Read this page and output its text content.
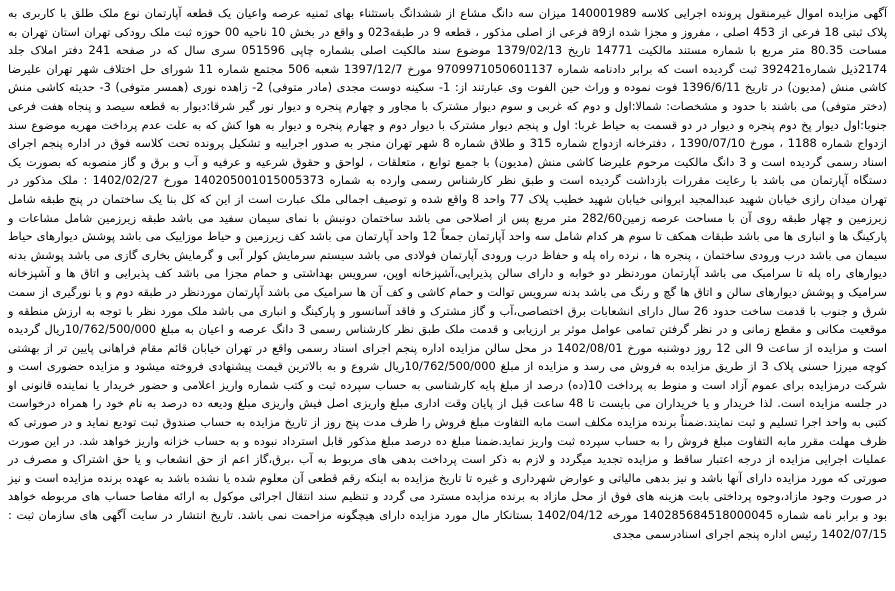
آگهی مزایده اموال غیرمنقول پرونده اجرایی کلاسه 140001989 میزان سه دانگ مشاع از ششدانگ باستثناء بهای ثمنیه عرصه واعیان یک قطعه آپارتمان نوع ملک طلق با کاربری به پلاک ثبتی 18 فرعی از 453 اصلی ، مفروز و مجزا شده ازa9 فرعی از اصلی مذکور ، قطعه 9 در طبقه023 و واقع در بخش 10 ناحیه 00 حوزه ثبت ملک رودکی تهران استان تهران به مساحت 80.35 متر مربع با شماره مستند مالکیت 14771 تاریخ 1379/02/13 موضوع سند مالکیت اصلی بشماره چاپی 051596 سری سال که در صفحه 241 دفتر املاک جلد 2174ذیل شماره392421 ثبت گردیده است که برابر دادنامه شماره 9709971050601137 مورخ 1397/12/7 شعبه 506 مجتمع شماره 11 شورای حل اختلاف شهر تهران علیرضا کاشی منش (مدیون) در تاریخ 1396/6/11 فوت نموده و وراث حین الفوت وی عبارتند از: 1- سکینه دوست مجدی (مادر متوفی) 2- زاهده نوری (همسر متوفی) 3- حدیثه کاشی منش (دختر متوفی) می باشند با حدود و مشخصات: شمالا:اول و دوم که غربی و سوم دیوار مشترک با مجاور و چهارم پنجره و دیوار نور گیر شرقا:دیوار به قطعه سیصد و پنجاه هفت فرعی جنوبا:اول دیوار پخ دوم پنجره و دیوار در دو قسمت به حیاط غربا: اول و پنجم دیوار مشترک با دیوار دوم و چهارم پنجره و دیوار به هوا کش که به علت عدم پرداخت مهریه موضوع سند ازدواج شماره 1188 ، مورخ 1390/07/10 ، دفترخانه ازدواج شماره 315 و طلاق شماره 8 شهر تهران منجر به صدور اجراییه و تشکیل پرونده تحت کلاسه فوق در اداره پنجم اجرای اسناد رسمی گردیده است و 3 دانگ مالکیت مرحوم علیرضا کاشی منش (مدیون) با جمیع توابع ، متعلقات ، لواحق و حقوق شرعیه و عرفیه و آب و برق و گاز منصوبه که بصورت یک دستگاه آپارتمان می باشد با رعایت مقررات بازداشت گردیده است و طبق نظر کارشناس رسمی وارده به شماره 140205001015005373 مورخ 1402/02/27 : ملک مذکور در تهران میدان رازی خیابان شهید عبدالمجید ابروانی خیابان شهید خطیب پلاک 77 واحد 8 واقع شده و توصیف اجمالی ملک عبارت است از این که کل بنا یک ساختمان در پنج طبقه شامل زیرزمین و چهار طبقه روی آن با مساحت عرصه زمین282/60 متر مربع پس از اصلاحی می باشد ساختمان دونبش با نمای سیمان سفید می باشد طبقه زیرزمین شامل مشاعات و پارکینگ ها و انباری ها می باشد طبقات همکف تا سوم هر کدام شامل سه واحد آپارتمان جمعاً 12 واحد آپارتمان می باشد کف زیرزمین و حیاط موزاییک می باشد پوشش دیوارهای حیاط سیمان می باشد درب ورودی ساختمان ، پنجره ها ، نرده راه پله و حفاظ درب ورودی آپارتمان فولادی می باشد سیستم سرمایش کولر آبی و گرمایش بخاری گازی می باشد پوشش بدنه دیوارهای راه پله تا سرامیک می باشد آپارتمان موردنظر دو خوابه و دارای سالن پذیرایی،آشپزخانه اوپن، سرویس بهداشتی و حمام مجزا می باشد کف پذیرایی و اتاق ها و آشپزخانه سرامیک و پوشش دیوارهای سالن و اتاق ها گچ و رنگ می باشد بدنه سرویس توالت و حمام کاشی و کف آن ها سرامیک می باشد آپارتمان موردنظر در طبقه دوم و با نورگیری از سمت شرق و جنوب با قدمت ساخت حدود 26 سال دارای انشعابات برق اختصاصی،آب و گاز مشترک و فاقد آسانسور و پارکینگ و انباری می باشد ملک مورد نظر با توجه به ارزش منطقه و موقعیت مکانی و مقطع زمانی و در نظر گرفتن تمامی عوامل موثر بر ارزیابی و قدمت ملک طبق نظر کارشناس رسمی 3 دانگ عرصه و اعیان به مبلغ 10/762/500/000ریال گردیده است و مزایده از ساعت 9 الی 12 روز دوشنبه مورخ 1402/08/01 در محل سالن مزایده اداره پنجم اجرای اسناد رسمی واقع در تهران خیابان قائم مقام فراهانی پایین تر از بهشتی کوچه میرزا حسنی پلاک 3 از طریق مزایده به فروش می رسد و مزایده از مبلغ 10/762/500/000ریال شروع و به بالاترین قیمت پیشنهادی فروخته میشود و مزایده حضوری است و شرکت درمزایده برای عموم آزاد است و منوط به پرداخت 10(ده) درصد از مبلغ پایه کارشناسی به حساب سپرده ثبت و کتب شماره واریز اعلامی و حضور خریدار یا نماینده قانونی او در جلسه مزایده است. لذا خریدار و یا خریداران می بایست تا 48 ساعت قبل از پایان وقت اداری مبلغ واریزی اصل فیش واریزی مبلغ ودیعه ده درصد به نام خود را همراه درخواست کتبی به واحد اجرا تسلیم و ثبت نمایند.ضمناً برنده مزایده مکلف است مابه التفاوت مبلغ فروش را ظرف مدت پنج روز از تاریخ مزایده به حساب صندوق ثبت تودیع نماید و در صورتی که ظرف مهلت مقرر مابه التفاوت مبلغ فروش را به حساب سپرده ثبت واریز نماید.ضمنا مبلغ ده درصد مبلغ مذکور قابل استرداد نبوده و به حساب خزانه واریز خواهد شد. در این صورت عملیات اجرایی مزایده از درجه اعتبار ساقط و مزایده تجدید میگردد و لازم به ذکر است پرداخت بدهی های مربوط به آب ،برق،گاز اعم از حق انشعاب و یا حق اشتراک و مصرف در صورتی که مورد مزایده دارای آنها باشد و نیز بدهی مالیاتی و عوارض شهرداری و غیره تا تاریخ مزایده به اینکه رقم قطعی آن معلوم شده یا نشده باشد به عهده برنده مزایده است و نیز در صورت وجود مازاد،وجوه پرداختی بابت هزینه های فوق از محل مازاد به برنده مزایده مسترد می گردد و تنظیم سند انتقال اجرائی موکول به ارائه مفاصا حساب های مربوطه خواهد بود و برابر نامه شماره 140285684518000045 مورخه 1402/04/12 بستانکار مال مورد مزایده دارای هیچگونه مزاحمت نمی باشد. تاریخ انتشار در سایت آگهی های سازمان ثبت : 1402/07/15 رئیس اداره پنجم اجرای اسنادرسمی مجدی
